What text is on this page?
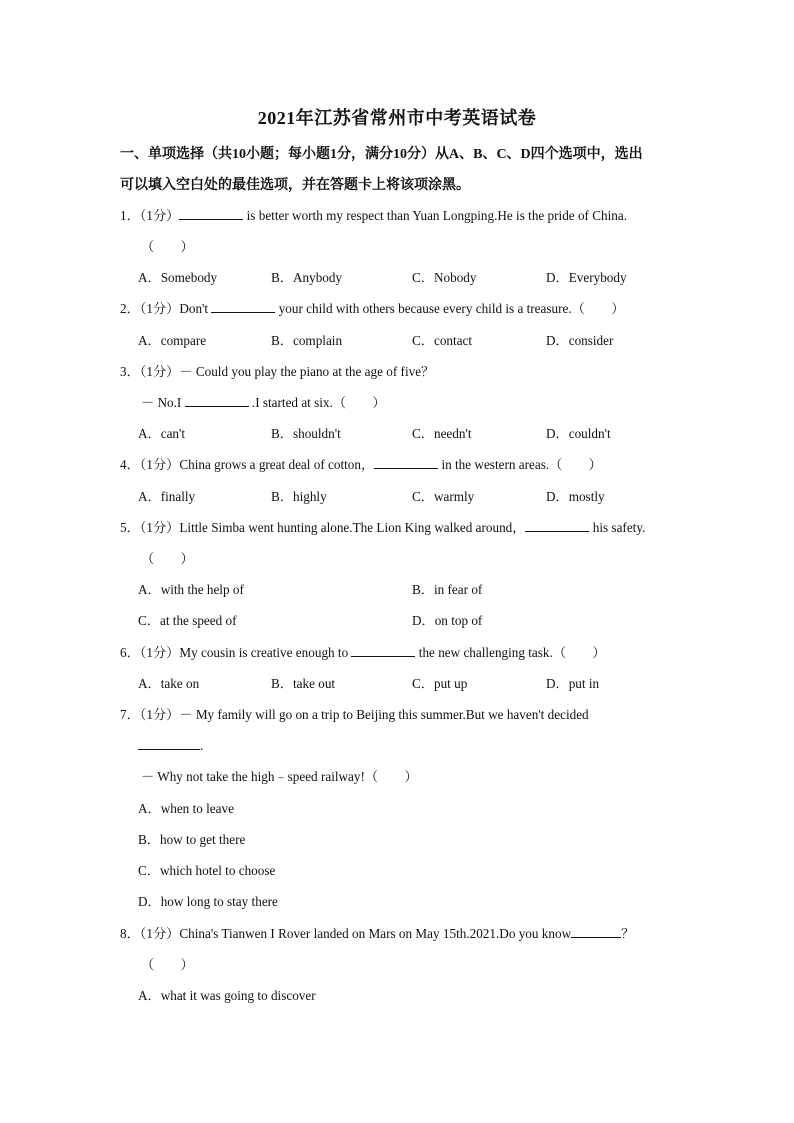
2021年江苏省常州市中考英语试卷
一、单项选择（共10小题；每小题1分，满分10分）从A、B、C、D四个选项中，选出
可以填入空白处的最佳选项，并在答题卡上将该项涂黑。
1．（1分）	is better worth my respect than Yuan Longping.He is the pride of China.
（　　）
A．Somebody	B．Anybody	C．Nobody	D．Everybody
2．（1分）Don't	your child with others because every child is a treasure.（　　）
A．compare	B．complain	C．contact	D．consider
3．（1分）－ Could you play the piano at the age of five？
－ No.I	.I started at six.（　　）
A．can't	B．shouldn't	C．needn't	D．couldn't
4．（1分）China grows a great deal of cotton，	in the western areas.（　　）
A．finally	B．highly	C．warmly	D．mostly
5．（1分）Little Simba went hunting alone.The Lion King walked around，	his safety.
（　　）
A．with the help of	B．in fear of
C．at the speed of	D．on top of
6．（1分）My cousin is creative enough to	the new challenging task.（　　）
A．take on	B．take out	C．put up	D．put in
7．（1分）－ My family will go on a trip to Beijing this summer.But we haven't decided
.
－ Why not take the high﹣speed railway!（　　）
A．when to leave
B．how to get there
C．which hotel to choose
D．how long to stay there
8．（1分）China's Tianwen I Rover landed on Mars on May 15th.2021.Do you know	？
（　　）
A．what it was going to discover
